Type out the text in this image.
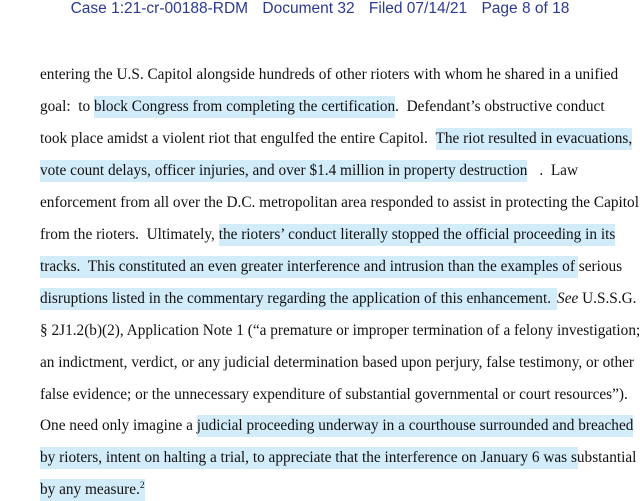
Case 1:21-cr-00188-RDM Document 32 Filed 07/14/21 Page 8 of 18
entering the U.S. Capitol alongside hundreds of other rioters with whom he shared in a unified
goal:  to block Congress from completing the certification .  Defendant’s obstructive conduct
took place amidst a violent riot that engulfed the entire Capitol. The riot resulted in evacuations,
vote count delays, officer injuries, and over $1.4 million in property destruction .  Law
enforcement from all over the D.C. metropolitan area responded to assist in protecting the Capitol
from the rioters.  Ultimately, the rioters’ conduct literally stopped the official proceeding in its
tracks.  This constituted an even greater interference and intrusion than the examples of serious
disruptions listed in the commentary regarding the application of this enhancement. See U.S.S.G.
§ 2J1.2(b)(2), Application Note 1 (“a premature or improper termination of a felony investigation;
an indictment, verdict, or any judicial determination based upon perjury, false testimony, or other
false evidence; or the unnecessary expenditure of substantial governmental or court resources”).
One need only imagine a judicial proceeding underway in a courthouse surrounded and breached
by rioters, intent on halting a trial, to appreciate that the interference on January 6 was substantial
by any measure.$^2$
